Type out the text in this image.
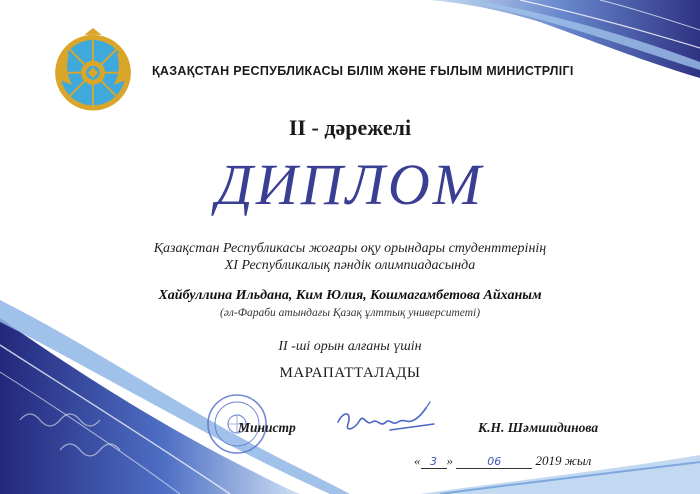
ҚАЗАҚСТАН РЕСПУБЛИКАСЫ БІЛІМ ЖӘНЕ ҒЫЛЫМ МИНИСТРЛІГІ
II - дәрежелі
ДИПЛОМ
Қазақстан Республикасы жоғары оқу орындары студенттерінің
XI Республикалық пәндік олимпиадасында
Хайбуллина Ильдана, Ким Юлия, Кошмагамбетова Айханым
(әл-Фараби атындағы Қазақ ұлттық университеті)
II -ші орын алғаны үшін
МАРАПАТТАЛАДЫ
Министр	К.Н. Шәмшидинова
« 3 »	06	2019 жыл
